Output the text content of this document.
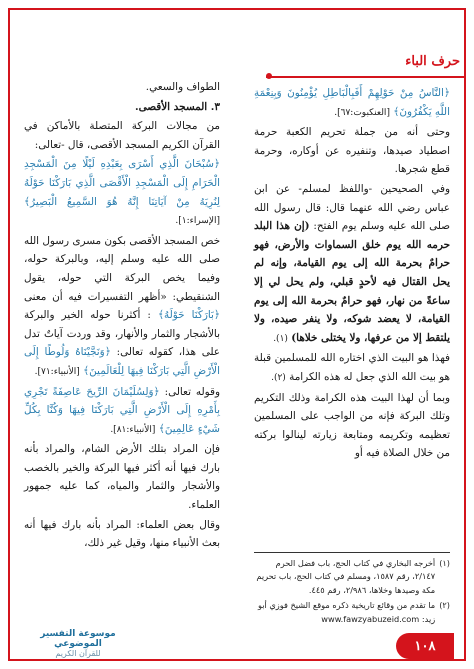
حرف الباء

﴿النَّاسُ مِنْ حَوْلِهِمْ أَفَبِالْبَاطِلِ يُؤْمِنُونَ وَبِنِعْمَةِ اللَّهِ يَكْفُرُونَ﴾ [العنكبوت:٦٧].

وحتى أنه من جملة تحريم الكعبة حرمة اصطياد صيدها، وتنفيره عن أوكاره، وحرمة قطع شجرها.

وفي الصحيحين -واللفظ لمسلم- عن ابن عباس رضي الله عنهما قال: قال رسول الله صلى الله عليه وسلم يوم الفتح: (إن هذا البلد حرمه الله يوم خلق السماوات والأرض، فهو حرامٌ بحرمة الله إلى يوم القيامة، وإنه لم يحل القتال فيه لأحدٍ قبلي، ولم يحل لي إلا ساعةً من نهار، فهو حرامٌ بحرمة الله إلى يوم القيامة، لا يعضد شوكه، ولا ينفر صيده، ولا يلتقط إلا من عرفها، ولا يختلى خلاها) (١).

فهذا هو البيت الذي اختاره الله للمسلمين قبلة هو بيت الله الذي جعل له هذه الكرامة (٢).

وبما أن لهذا البيت هذه الكرامة وذلك التكريم وتلك البركة فإنه من الواجب على المسلمين تعظيمه وتكريمه ومتابعة زيارته لينالوا بركته من خلال الصلاة فيه أو

الطواف والسعي.

٣. المسجد الأقصى.

من مجالات البركة المتصلة بالأماكن في القرآن الكريم المسجد الأقصى، قال -تعالى:

﴿سُبْحَانَ الَّذِي أَسْرَى بِعَبْدِهِ لَيْلًا مِنَ الْمَسْجِدِ الْحَرَامِ إِلَى الْمَسْجِدِ الْأَقْصَى الَّذِي بَارَكْنَا حَوْلَهُ لِنُرِيَهُ مِنْ آيَاتِنَا إِنَّهُ هُوَ السَّمِيعُ الْبَصِيرُ﴾ [الإسراء:١].

خص المسجد الأقصى بكون مسرى رسول الله صلى الله عليه وسلم إليه، وبالبركة حوله، وفيما يخص البركة التي حوله، يقول الشنقيطي: «أظهر التفسيرات فيه أن معنى ﴿بَارَكْنَا حَوْلَهُ﴾ : أكثرنا حوله الخير والبركة بالأشجار والثمار والأنهار، وقد وردت آياتٌ تدل على هذا، كقوله تعالى: ﴿وَنَجَّيْنَاهُ وَلُوطًا إِلَى الْأَرْضِ الَّتِي بَارَكْنَا فِيهَا لِلْعَالَمِينَ﴾ [الأنبياء:٧١].

وقوله تعالى: ﴿وَلِسُلَيْمَانَ الرِّيحَ عَاصِفَةً تَجْرِي بِأَمْرِهِ إِلَى الْأَرْضِ الَّتِي بَارَكْنَا فِيهَا وَكُنَّا بِكُلِّ شَيْءٍ عَالِمِينَ﴾ [الأنبياء:٨١].

فإن المراد بتلك الأرض الشام، والمراد بأنه بارك فيها أنه أكثر فيها البركة والخير بالخصب والأشجار والثمار والمياه، كما عليه جمهور العلماء.

وقال بعض العلماء: المراد بأنه بارك فيها أنه بعث الأنبياء منها، وقيل غير ذلك،

(١)
أخرجه البخاري في كتاب الحج، باب فضل الحرم ٢/١٤٧، رقم ١٥٨٧، ومسلم في كتاب الحج، باب تحريم مكة وصيدها وخلاها، ٢/٩٨٦، رقم ٤٤٥.
(٢)
ما تقدم من وقائع تاريخية ذكره موقع الشيخ فوزي أبو زيد: www.fawzyabuzeid.com
موسوعة التفسير الموضوعي
للقرآن الكريم
١٠٨
